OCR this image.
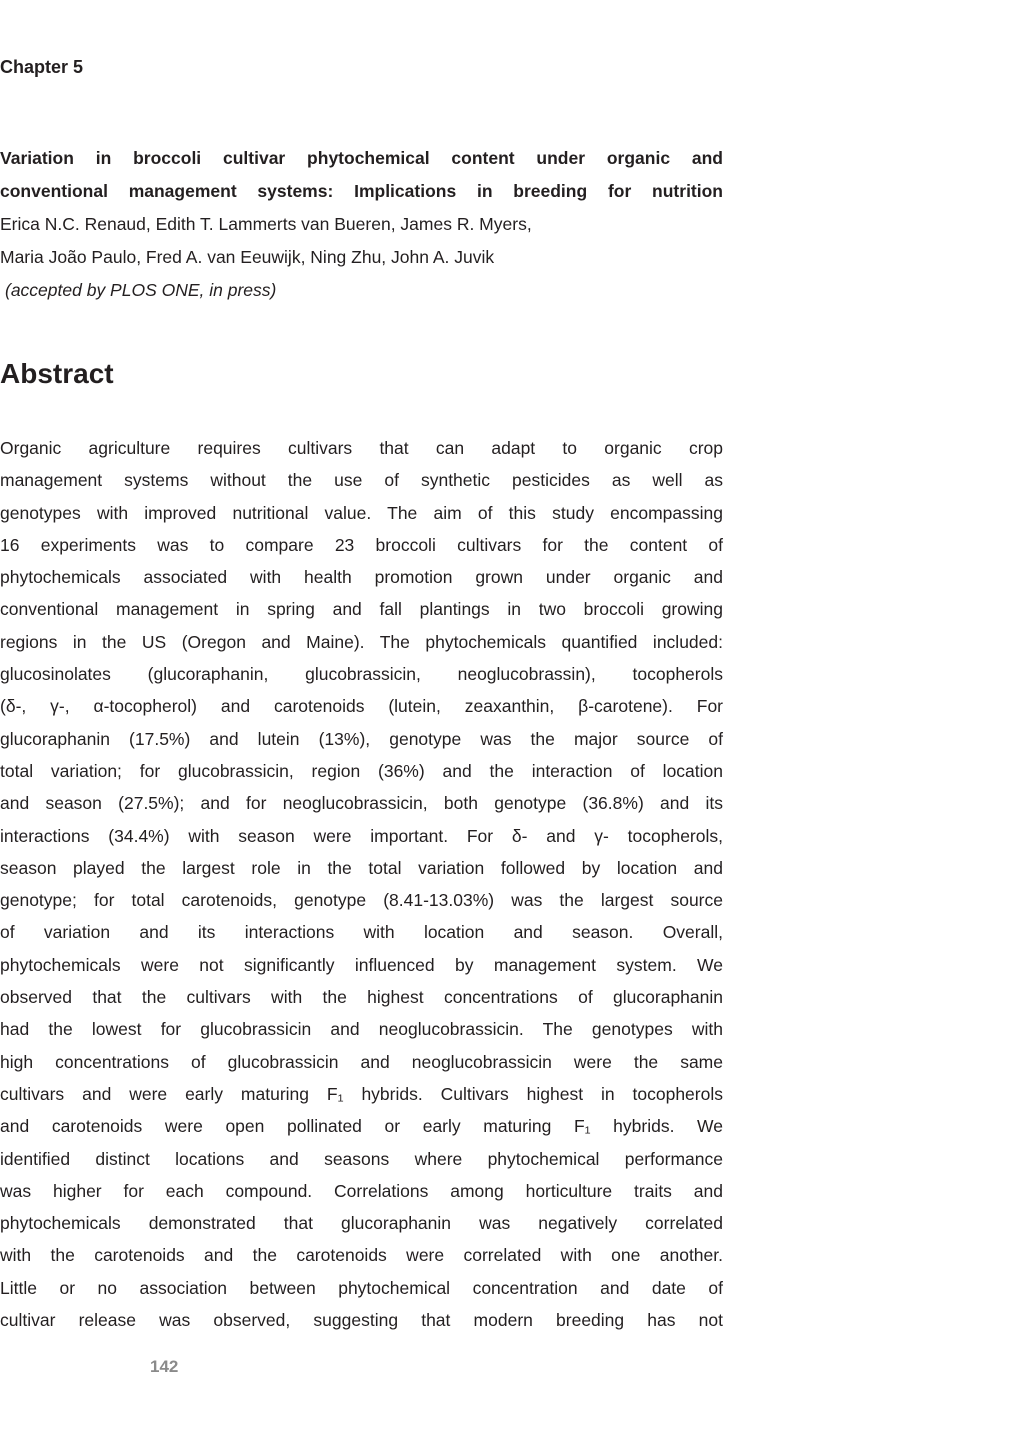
Chapter 5
Variation in broccoli cultivar phytochemical content under organic and
conventional management systems: Implications in breeding for nutrition
Erica N.C. Renaud, Edith T. Lammerts van Bueren, James R. Myers,
Maria João Paulo, Fred A. van Eeuwijk, Ning Zhu, John A. Juvik
(accepted by PLOS ONE, in press)
Abstract
Organic agriculture requires cultivars that can adapt to organic crop
management systems without the use of synthetic pesticides as well as
genotypes with improved nutritional value. The aim of this study encompassing
16 experiments was to compare 23 broccoli cultivars for the content of
phytochemicals associated with health promotion grown under organic and
conventional management in spring and fall plantings in two broccoli growing
regions in the US (Oregon and Maine). The phytochemicals quantified included:
glucosinolates (glucoraphanin, glucobrassicin, neoglucobrassin), tocopherols
(δ-, γ-, α-tocopherol) and carotenoids (lutein, zeaxanthin, β-carotene). For
glucoraphanin (17.5%) and lutein (13%), genotype was the major source of
total variation; for glucobrassicin, region (36%) and the interaction of location
and season (27.5%); and for neoglucobrassicin, both genotype (36.8%) and its
interactions (34.4%) with season were important. For δ- and γ- tocopherols,
season played the largest role in the total variation followed by location and
genotype; for total carotenoids, genotype (8.41-13.03%) was the largest source
of variation and its interactions with location and season. Overall,
phytochemicals were not significantly influenced by management system. We
observed that the cultivars with the highest concentrations of glucoraphanin
had the lowest for glucobrassicin and neoglucobrassicin. The genotypes with
high concentrations of glucobrassicin and neoglucobrassicin were the same
cultivars and were early maturing F₁ hybrids. Cultivars highest in tocopherols
and carotenoids were open pollinated or early maturing F₁ hybrids. We
identified distinct locations and seasons where phytochemical performance
was higher for each compound. Correlations among horticulture traits and
phytochemicals demonstrated that glucoraphanin was negatively correlated
with the carotenoids and the carotenoids were correlated with one another.
Little or no association between phytochemical concentration and date of
cultivar release was observed, suggesting that modern breeding has not
142
